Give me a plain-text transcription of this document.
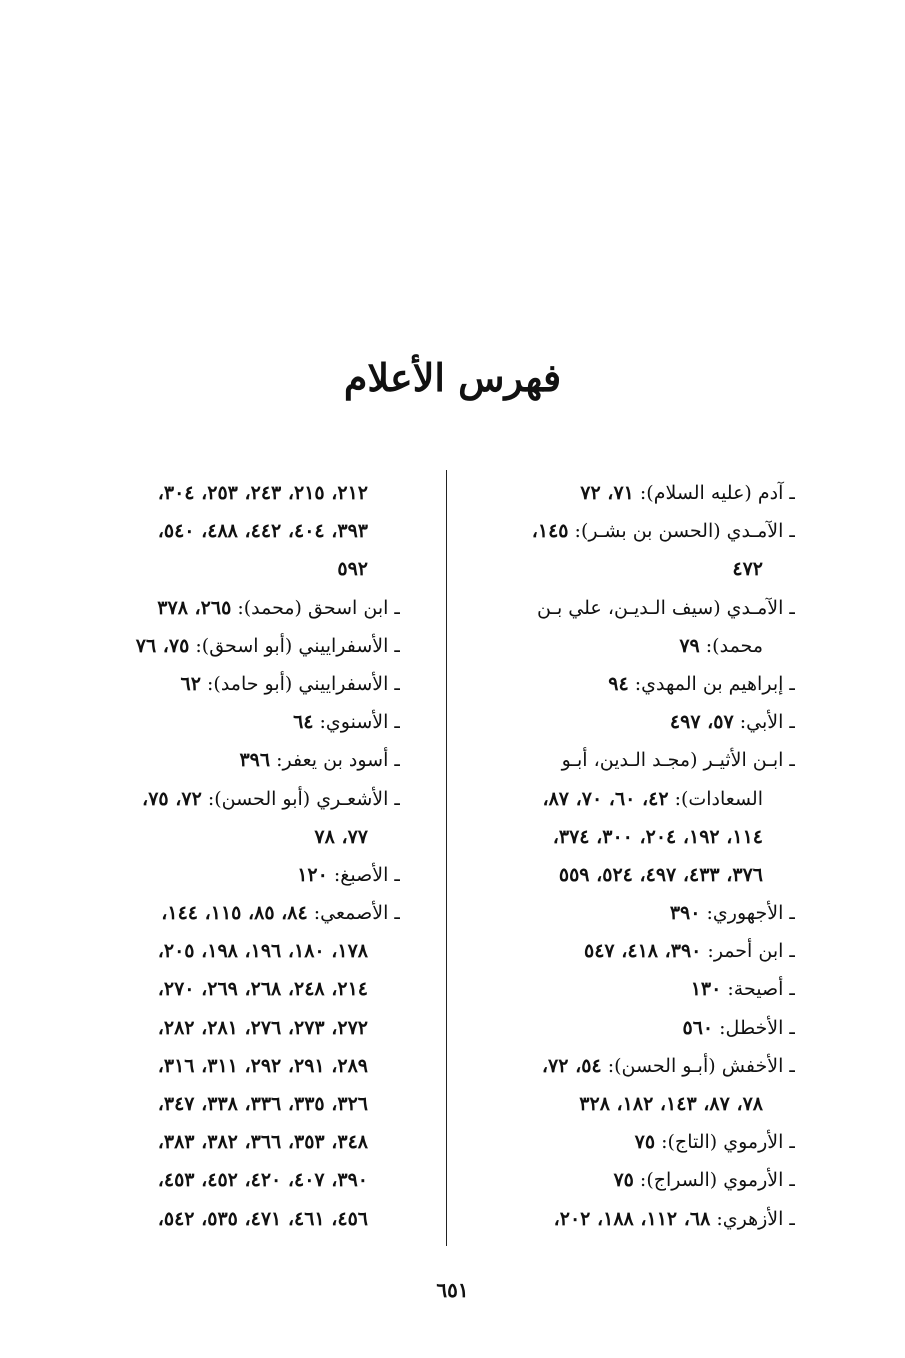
فهرس الأعلام
ـ آدم (عليه السلام): ٧١، ٧٢
ـ الآمـدي (الحسن بن بشـر): ١٤٥،
٤٧٢
ـ الآمـدي (سيف الـديـن، علي بـن
محمد): ٧٩
ـ إبراهيم بن المهدي: ٩٤
ـ الأبي: ٥٧، ٤٩٧
ـ ابـن الأثيـر (مجـد الـدين، أبـو
السعادات): ٤٢، ٦٠، ٧٠، ٨٧،
١١٤، ١٩٢، ٢٠٤، ٣٠٠، ٣٧٤،
٣٧٦، ٤٣٣، ٤٩٧، ٥٢٤، ٥٥٩
ـ الأجهوري: ٣٩٠
ـ ابن أحمر: ٣٩٠، ٤١٨، ٥٤٧
ـ أصيحة: ١٣٠
ـ الأخطل: ٥٦٠
ـ الأخفش (أبـو الحسن): ٥٤، ٧٢،
٧٨، ٨٧، ١٤٣، ١٨٢، ٣٢٨
ـ الأرموي (التاج): ٧٥
ـ الأرموي (السراج): ٧٥
ـ الأزهري: ٦٨، ١١٢، ١٨٨، ٢٠٢،
٢١٢، ٢١٥، ٢٤٣، ٢٥٣، ٣٠٤،
٣٩٣، ٤٠٤، ٤٤٢، ٤٨٨، ٥٤٠،
٥٩٢
ـ ابن اسحق (محمد): ٢٦٥، ٣٧٨
ـ الأسفراييني (أبو اسحق): ٧٥، ٧٦
ـ الأسفراييني (أبو حامد): ٦٢
ـ الأسنوي: ٦٤
ـ أسود بن يعفر: ٣٩٦
ـ الأشعـري (أبو الحسن): ٧٢، ٧٥،
٧٧، ٧٨
ـ الأصبغ: ١٢٠
ـ الأصمعي: ٨٤، ٨٥، ١١٥، ١٤٤،
١٧٨، ١٨٠، ١٩٦، ١٩٨، ٢٠٥،
٢١٤، ٢٤٨، ٢٦٨، ٢٦٩، ٢٧٠،
٢٧٢، ٢٧٣، ٢٧٦، ٢٨١، ٢٨٢،
٢٨٩، ٢٩١، ٢٩٢، ٣١١، ٣١٦،
٣٢٦، ٣٣٥، ٣٣٦، ٣٣٨، ٣٤٧،
٣٤٨، ٣٥٣، ٣٦٦، ٣٨٢، ٣٨٣،
٣٩٠، ٤٠٧، ٤٢٠، ٤٥٢، ٤٥٣،
٤٥٦، ٤٦١، ٤٧١، ٥٣٥، ٥٤٢،
٦٥١
